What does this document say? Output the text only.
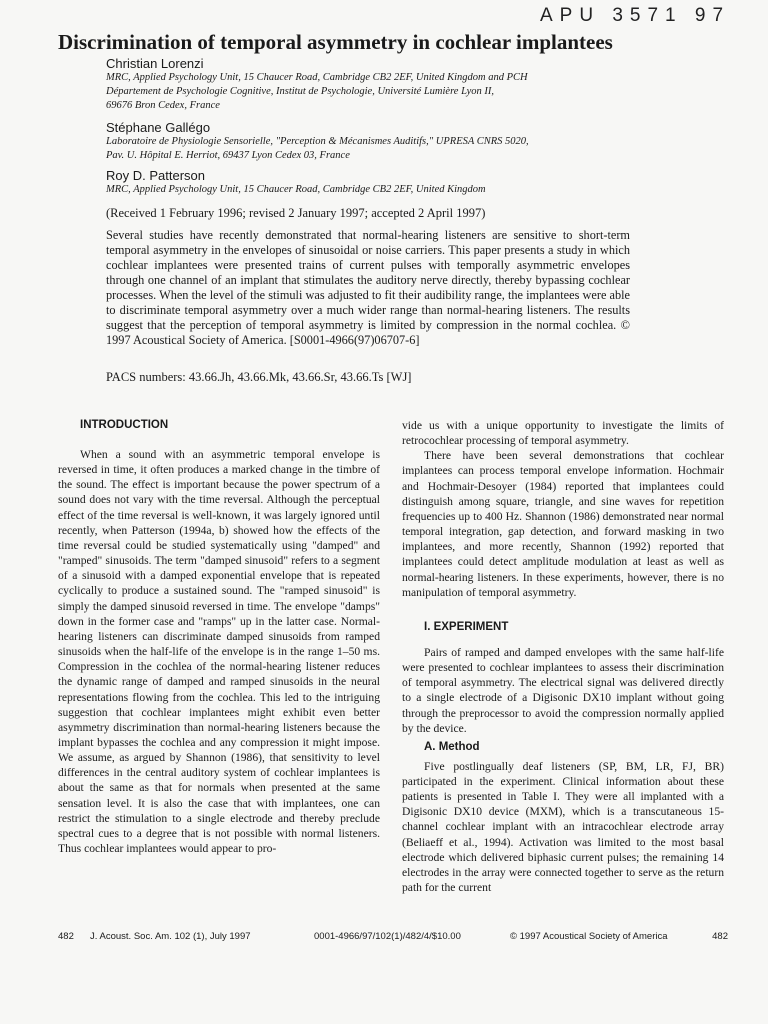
APU 3571 97
Discrimination of temporal asymmetry in cochlear implantees

Christian Lorenzi

MRC, Applied Psychology Unit, 15 Chaucer Road, Cambridge CB2 2EF, United Kingdom and PCH

Département de Psychologie Cognitive, Institut de Psychologie, Université Lumière Lyon II,

69676 Bron Cedex, France

Stéphane Gallégo

Laboratoire de Physiologie Sensorielle, "Perception & Mécanismes Auditifs," UPRESA CNRS 5020,

Pav. U. Hôpital E. Herriot, 69437 Lyon Cedex 03, France

Roy D. Patterson

MRC, Applied Psychology Unit, 15 Chaucer Road, Cambridge CB2 2EF, United Kingdom

(Received 1 February 1996; revised 2 January 1997; accepted 2 April 1997)

Several studies have recently demonstrated that normal-hearing listeners are sensitive to short-term temporal asymmetry in the envelopes of sinusoidal or noise carriers. This paper presents a study in which cochlear implantees were presented trains of current pulses with temporally asymmetric envelopes through one channel of an implant that stimulates the auditory nerve directly, thereby bypassing cochlear processes. When the level of the stimuli was adjusted to fit their audibility range, the implantees were able to discriminate temporal asymmetry over a much wider range than normal-hearing listeners. The results suggest that the perception of temporal asymmetry is limited by compression in the normal cochlea. © 1997 Acoustical Society of America. [S0001-4966(97)06707-6]

PACS numbers: 43.66.Jh, 43.66.Mk, 43.66.Sr, 43.66.Ts [WJ]

INTRODUCTION

When a sound with an asymmetric temporal envelope is reversed in time, it often produces a marked change in the timbre of the sound. The effect is important because the power spectrum of a sound does not vary with the time reversal. Although the perceptual effect of the time reversal is well-known, it was largely ignored until recently, when Patterson (1994a, b) showed how the effects of the time reversal could be studied systematically using "damped" and "ramped" sinusoids. The term "damped sinusoid" refers to a segment of a sinusoid with a damped exponential envelope that is repeated cyclically to produce a sustained sound. The "ramped sinusoid" is simply the damped sinusoid reversed in time. The envelope "damps" down in the former case and "ramps" up in the latter case. Normal-hearing listeners can discriminate damped sinusoids from ramped sinusoids when the half-life of the envelope is in the range 1–50 ms. Compression in the cochlea of the normal-hearing listener reduces the dynamic range of damped and ramped sinusoids in the neural representations flowing from the cochlea. This led to the intriguing suggestion that cochlear implantees might exhibit even better asymmetry discrimination than normal-hearing listeners because the implant bypasses the cochlea and any compression it might impose. We assume, as argued by Shannon (1986), that sensitivity to level differences in the central auditory system of cochlear implantees is about the same as that for normals when presented at the same sensation level. It is also the case that with implantees, one can restrict the stimulation to a single electrode and thereby preclude spectral cues to a degree that is not possible with normal listeners. Thus cochlear implantees would appear to pro-

vide us with a unique opportunity to investigate the limits of retrocochlear processing of temporal asymmetry.

There have been several demonstrations that cochlear implantees can process temporal envelope information. Hochmair and Hochmair-Desoyer (1984) reported that implantees could distinguish among square, triangle, and sine waves for repetition frequencies up to 400 Hz. Shannon (1986) demonstrated near normal temporal integration, gap detection, and forward masking in two implantees, and more recently, Shannon (1992) reported that implantees could detect amplitude modulation at least as well as normal-hearing listeners. In these experiments, however, there is no manipulation of temporal asymmetry.

I. EXPERIMENT

Pairs of ramped and damped envelopes with the same half-life were presented to cochlear implantees to assess their discrimination of temporal asymmetry. The electrical signal was delivered directly to a single electrode of a Digisonic DX10 implant without going through the preprocessor to avoid the compression normally applied by the device.

A. Method

Five postlingually deaf listeners (SP, BM, LR, FJ, BR) participated in the experiment. Clinical information about these patients is presented in Table I. They were all implanted with a Digisonic DX10 device (MXM), which is a transcutaneous 15-channel cochlear implant with an intracochlear electrode array (Beliaeff et al., 1994). Activation was limited to the most basal electrode which delivered biphasic current pulses; the remaining 14 electrodes in the array were connected together to serve as the return path for the current

482 J. Acoust. Soc. Am. 102 (1), July 1997	0001-4966/97/102(1)/482/4/$10.00	© 1997 Acoustical Society of America	482
